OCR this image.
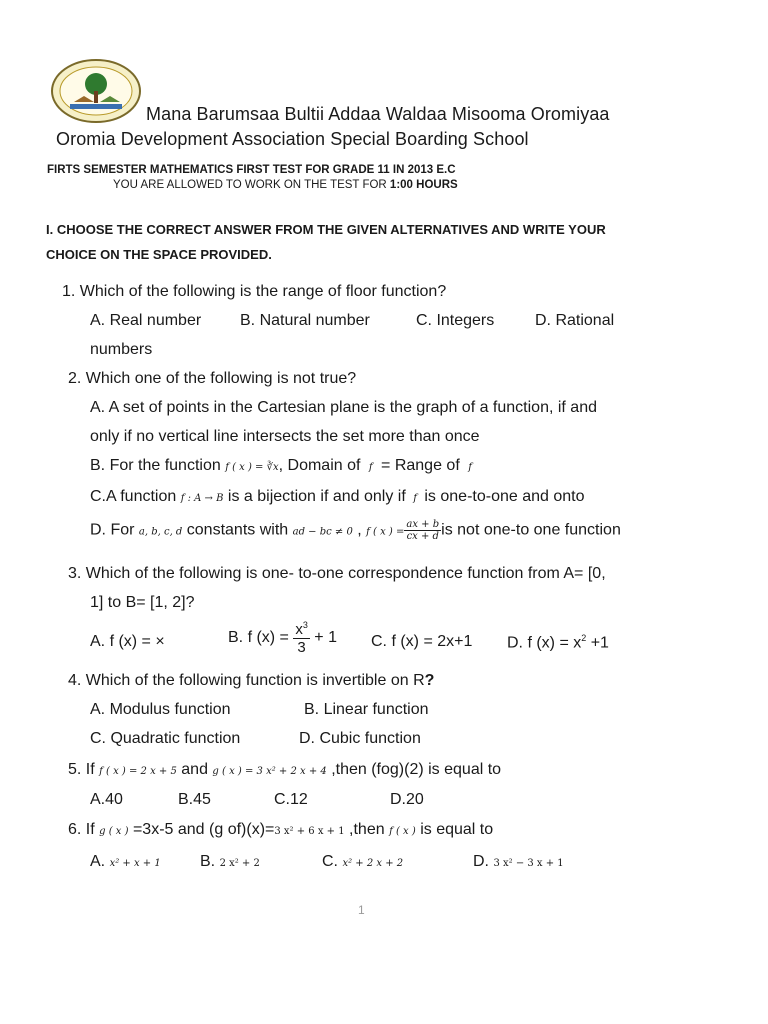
Mana Barumsaa Bultii Addaa Waldaa Misooma Oromiyaa
Oromia Development Association Special Boarding School
FIRTS SEMESTER MATHEMATICS FIRST TEST FOR GRADE 11 IN 2013 E.C
YOU ARE ALLOWED TO WORK ON THE TEST FOR 1:00 HOURS
I. CHOOSE THE CORRECT ANSWER FROM THE GIVEN ALTERNATIVES AND WRITE YOUR
CHOICE ON THE SPACE PROVIDED.
1. Which of the following is the range of floor function?
A. Real number B. Natural number	C. Integers	D. Rational
numbers
2. Which one of the following is not true?
A. A set of points in the Cartesian plane is the graph of a function, if and
only if no vertical line intersects the set more than once
B. For the function f ( x ) = ∛x, Domain of f = Range of f
C.A function f : A → B is a bijection if and only if f is one-to-one and onto
D. For a, b, c, d constants with ad − bc ≠ 0 , f ( x ) = $\frac{ax + b}{cx + d}$ is not one-to one function
3. Which of the following is one- to-one correspondence function from A= [0,
1] to B= [1, 2]?
A. f (x) = ×	B. f $(x) = \frac{x^3}{3} + 1$ C. f (x) = 2x+1 D. f $(x) = x^2 +1$
4. Which of the following function is invertible on R?
A. Modulus function	B. Linear function
C. Quadratic function	D. Cubic function
5. If f ( x ) = 2 x + 5 and g ( x ) = 3 x² + 2 x + 4 ,then (fog)(2) is equal to
A.40	B.45	C.12	D.20
6. If g ( x ) =3x-5 and (g of)(x)=3 x² + 6 x + 1 ,then f ( x ) is equal to
A. x² + x + 1 B. 2 x² + 2	C. x² + 2 x + 2	D. 3 x² − 3 x + 1
1
